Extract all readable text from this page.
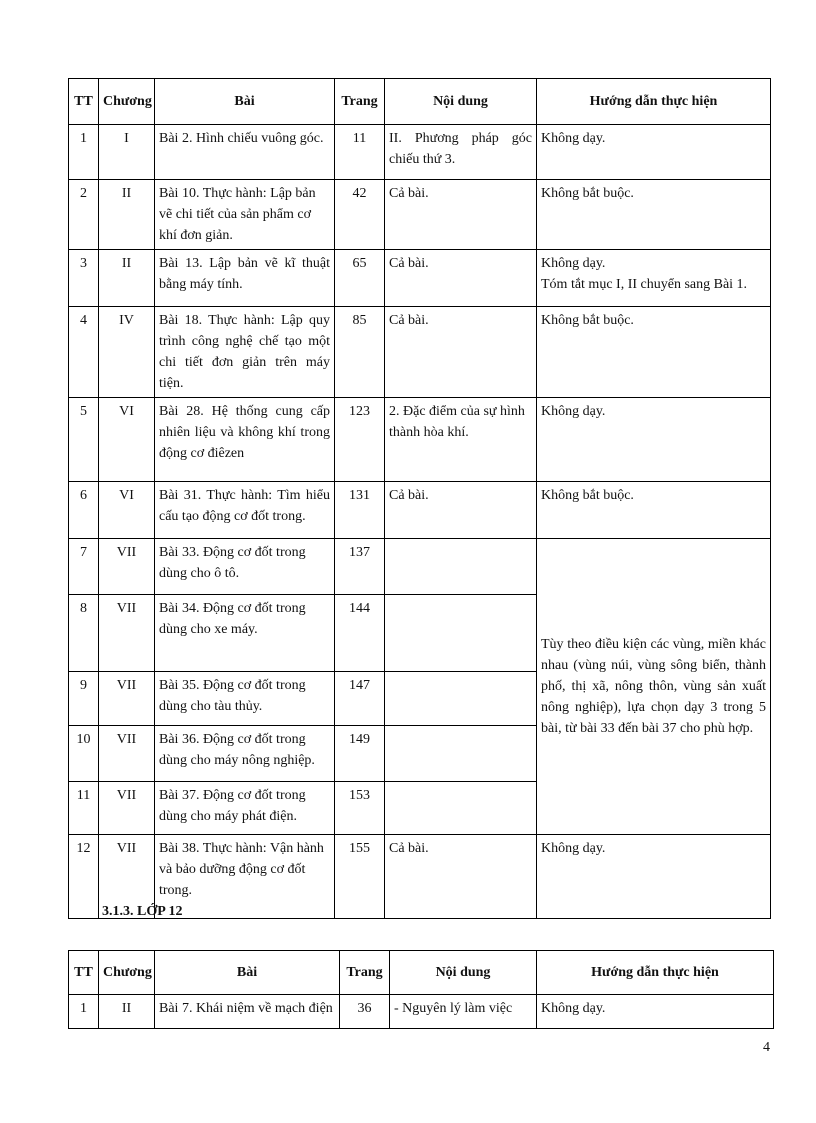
TT	Chương	Bài	Trang	Nội dung	Hướng dẫn thực hiện
1	I	Bài 2. Hình chiếu vuông góc.	11	II. Phương pháp góc chiếu thứ 3.	Không dạy.
2	II	Bài 10. Thực hành: Lập bản vẽ chi tiết của sản phẩm cơ khí đơn giản.	42	Cả bài.	Không bắt buộc.
3	II	Bài 13. Lập bản vẽ kĩ thuật bằng máy tính.	65	Cả bài.	Không dạy.
Tóm tắt mục I, II chuyển sang Bài 1.

4	IV	Bài 18. Thực hành: Lập quy trình công nghệ chế tạo một chi tiết đơn giản trên máy tiện.	85	Cả bài.	Không bắt buộc.
5	VI	Bài 28. Hệ thống cung cấp nhiên liệu và không khí trong động cơ điêzen	123	2. Đặc điểm của sự hình thành hòa khí.	Không dạy.
6	VI	Bài 31. Thực hành: Tìm hiểu cấu tạo động cơ đốt trong.	131	Cả bài.	Không bắt buộc.
7	VII	Bài 33. Động cơ đốt trong dùng cho ô tô.	137		Tùy theo điều kiện các vùng, miền khác nhau (vùng núi, vùng sông biển, thành phố, thị xã, nông thôn, vùng sản xuất nông nghiệp), lựa chọn dạy 3 trong 5 bài, từ bài 33 đến bài 37 cho phù hợp.
8	VII	Bài 34. Động cơ đốt trong dùng cho xe máy.	144		
9	VII	Bài 35. Động cơ đốt trong dùng cho tàu thủy.	147		
10	VII	Bài 36. Động cơ đốt trong dùng cho máy nông nghiệp.	149		
11	VII	Bài 37. Động cơ đốt trong dùng cho máy phát điện.	153		
12	VII	Bài 38. Thực hành: Vận hành và bảo dưỡng động cơ đốt trong.	155	Cả bài.	Không dạy.
3.1.3. LỚP 12
TT	Chương	Bài	Trang	Nội dung	Hướng dẫn thực hiện
1	II	Bài 7. Khái niệm về mạch điện	36	- Nguyên lý làm việc	Không dạy.
4
